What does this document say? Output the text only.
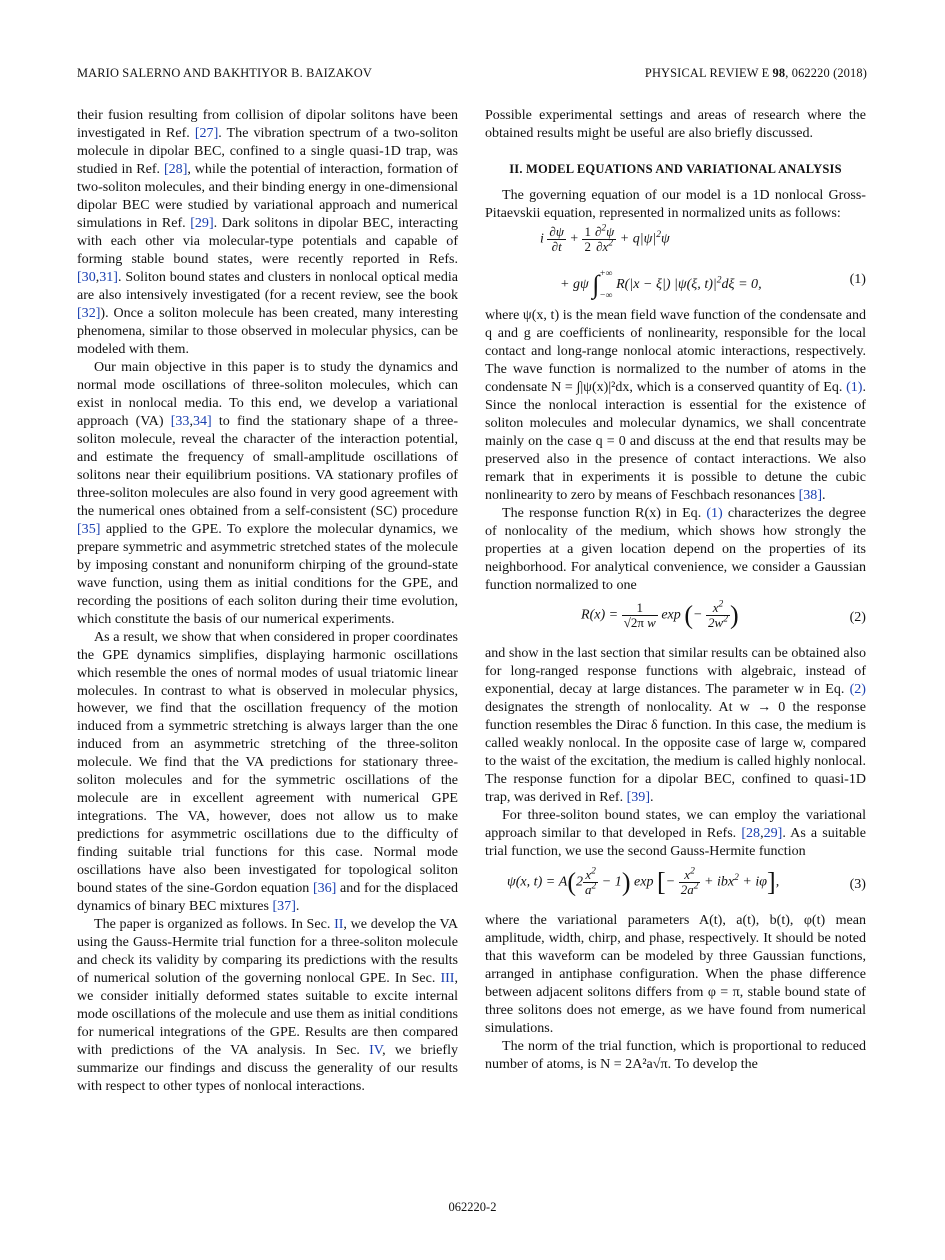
MARIO SALERNO AND BAKHTIYOR B. BAIZAKOV	PHYSICAL REVIEW E 98, 062220 (2018)

their fusion resulting from collision of dipolar solitons have been investigated in Ref. [27]. The vibration spectrum of a two-soliton molecule in dipolar BEC, confined to a single quasi-1D trap, was studied in Ref. [28], while the potential of interaction, formation of two-soliton molecules, and their binding energy in one-dimensional dipolar BEC were studied by variational approach and numerical simulations in Ref. [29]. Dark solitons in dipolar BEC, interacting with each other via molecular-type potentials and capable of forming stable bound states, were recently reported in Refs. [30,31]. Soliton bound states and clusters in nonlocal optical media are also intensively investigated (for a recent review, see the book [32]). Once a soliton molecule has been created, many interesting phenomena, similar to those observed in molecular physics, can be modeled with them.

Our main objective in this paper is to study the dynamics and normal mode oscillations of three-soliton molecules, which can exist in nonlocal media. To this end, we develop a variational approach (VA) [33,34] to find the stationary shape of a three-soliton molecule, reveal the character of the interaction potential, and estimate the frequency of small-amplitude oscillations of solitons near their equilibrium positions. VA stationary profiles of three-soliton molecules are also found in very good agreement with the numerical ones obtained from a self-consistent (SC) procedure [35] applied to the GPE. To explore the molecular dynamics, we prepare symmetric and asymmetric stretched states of the molecule by imposing constant and nonuniform chirping of the ground-state wave function, using them as initial conditions for the GPE, and recording the positions of each soliton during their time evolution, which constitute the basis of our numerical experiments.

As a result, we show that when considered in proper coordinates the GPE dynamics simplifies, displaying harmonic oscillations which resemble the ones of normal modes of usual triatomic linear molecules. In contrast to what is observed in molecular physics, however, we find that the oscillation frequency of the motion induced from a symmetric stretching is always larger than the one induced from an asymmetric stretching of the three-soliton molecule. We find that the VA predictions for stationary three-soliton molecules and for the symmetric oscillations of the molecule are in excellent agreement with numerical GPE integrations. The VA, however, does not allow us to make predictions for asymmetric oscillations due to the difficulty of finding suitable trial functions for this case. Normal mode oscillations have also been investigated for topological soliton bound states of the sine-Gordon equation [36] and for the displaced dynamics of binary BEC mixtures [37].

The paper is organized as follows. In Sec. II, we develop the VA using the Gauss-Hermite trial function for a three-soliton molecule and check its validity by comparing its predictions with the results of numerical solution of the governing nonlocal GPE. In Sec. III, we consider initially deformed states suitable to excite internal mode oscillations of the molecule and use them as initial conditions for numerical integrations of the GPE. Results are then compared with predictions of the VA analysis. In Sec. IV, we briefly summarize our findings and discuss the generality of our results with respect to other types of nonlocal interactions.

Possible experimental settings and areas of research where the obtained results might be useful are also briefly discussed.

II. MODEL EQUATIONS AND VARIATIONAL ANALYSIS

The governing equation of our model is a 1D nonlocal Gross-Pitaevskii equation, represented in normalized units as follows:

i $\frac{\partial\psi}{\partial t} + \frac{1}{2} \frac{\partial^2\psi}{\partial x^2} + q|\psi|^2\psi$
+ gψ ∫ +∞
−∞
R(|x − ξ|) |ψ(ξ, $t)|^2d\xi = 0$,	(1)

where ψ(x, t) is the mean field wave function of the condensate and q and g are coefficients of nonlinearity, responsible for the local contact and long-range nonlocal atomic interactions, respectively. The wave function is normalized to the number of atoms in the condensate N = ∫|ψ(x)|²dx, which is a conserved quantity of Eq. (1). Since the nonlocal interaction is essential for the existence of soliton molecules and molecular dynamics, we shall concentrate mainly on the case q = 0 and discuss at the end that results may be preserved also in the presence of contact interactions. We also remark that in experiments it is possible to detune the cubic nonlinearity to zero by means of Feschbach resonances [38].

The response function R(x) in Eq. (1) characterizes the degree of nonlocality of the medium, which shows how strongly the properties at a given location depend on the properties of its neighborhood. For analytical convenience, we consider a Gaussian function normalized to one

$R(x) = \frac{1}{\text{√2π w}}$ exp (− $\frac{x^2}{2w^2}$ )	(2)

and show in the last section that similar results can be obtained also for long-ranged response functions with algebraic, instead of exponential, decay at large distances. The parameter w in Eq. (2) designates the strength of nonlocality. At w → 0 the response function resembles the Dirac δ function. In this case, the medium is called weakly nonlocal. In the opposite case of large w, compared to the waist of the excitation, the medium is called highly nonlocal. The response function for a dipolar BEC, confined to quasi-1D trap, was derived in Ref. [39].

For three-soliton bound states, we can employ the variational approach similar to that developed in Refs. [28,29]. As a suitable trial function, we use the second Gauss-Hermite function

ψ(x, $t) = A(2 \frac{x^2}{a^2} - 1)$ exp [− $\frac{x^2}{2a^2} + ibx^2 + i\varphi$],	(3)

where the variational parameters A(t), a(t), b(t), φ(t) mean amplitude, width, chirp, and phase, respectively. It should be noted that this waveform can be modeled by three Gaussian functions, arranged in antiphase configuration. When the phase difference between adjacent solitons differs from φ = π, stable bound state of three solitons does not emerge, as we have found from numerical simulations.

The norm of the trial function, which is proportional to reduced number of atoms, is N = 2A²a√π. To develop the

062220-2
